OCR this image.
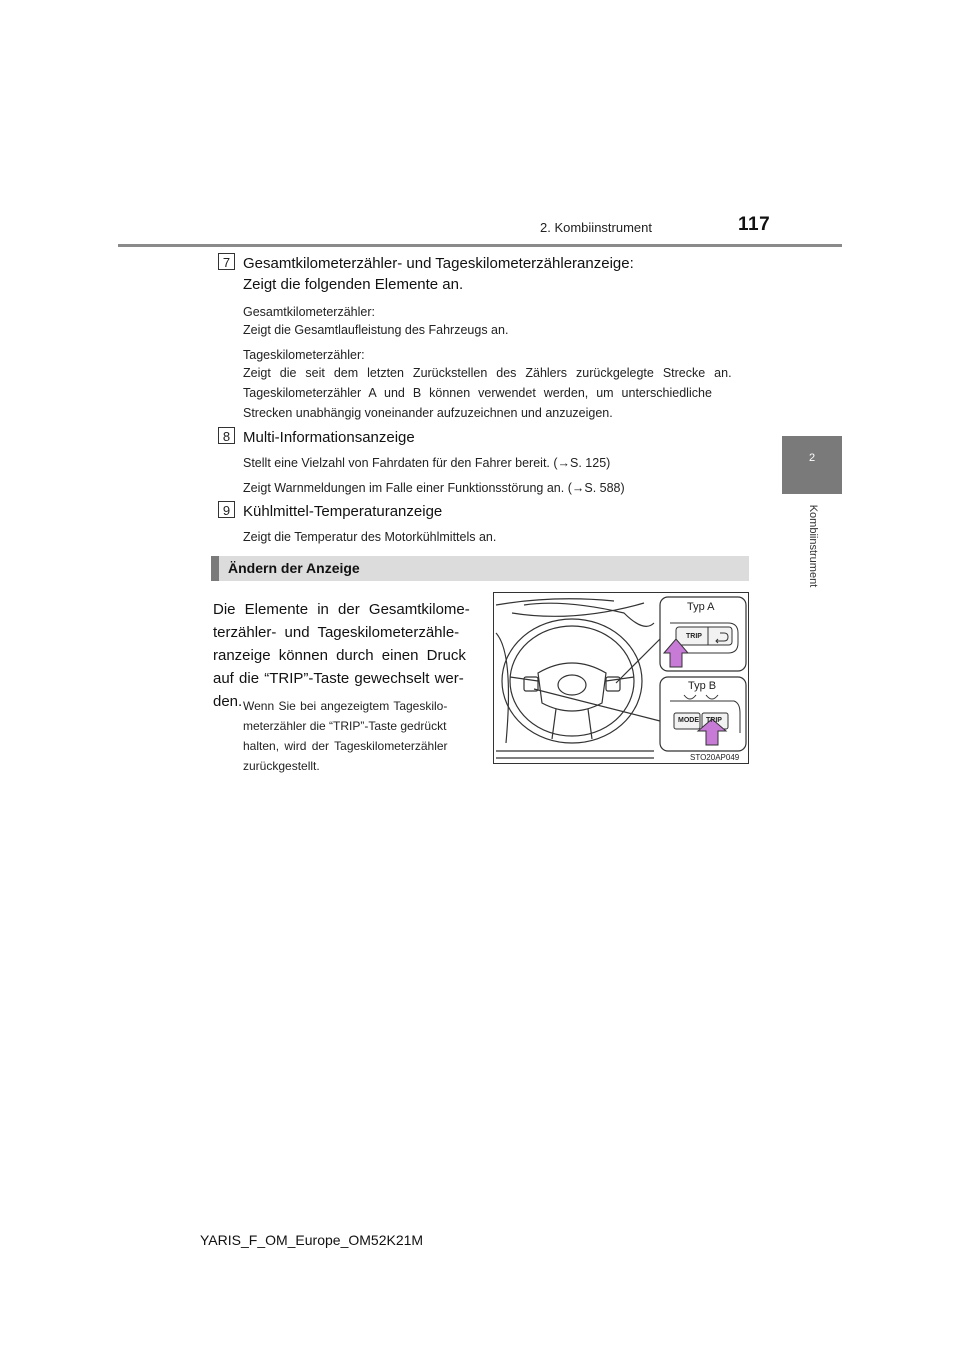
2. Kombiinstrument	117
2
Kombiinstrument
7 Gesamtkilometerzähler- und Tageskilometerzähleranzeige:
Zeigt die folgenden Elemente an.
Gesamtkilometerzähler:
Zeigt die Gesamtlaufleistung des Fahrzeugs an.
Tageskilometerzähler:
Zeigt die seit dem letzten Zurückstellen des Zählers zurückgelegte Strecke an.
Tageskilometerzähler A und B können verwendet werden, um unterschiedliche
Strecken unabhängig voneinander aufzuzeichnen und anzuzeigen.
8 Multi-Informationsanzeige
Stellt eine Vielzahl von Fahrdaten für den Fahrer bereit. (→S. 125)
Zeigt Warnmeldungen im Falle einer Funktionsstörung an. (→S. 588)
9 Kühlmittel-Temperaturanzeige
Zeigt die Temperatur des Motorkühlmittels an.
Ändern der Anzeige
Die Elemente in der Gesamtkilome-
terzähler- und Tageskilometerzähle-
ranzeige können durch einen Druck
auf die “TRIP”-Taste gewechselt wer-
den. Wenn Sie bei angezeigtem Tageskilo-
meterzähler die “TRIP”-Taste gedrückt
halten, wird der Tageskilometerzähler
zurückgestellt.
Typ A
Typ B
TRIP
MODE TRIP
STO20AP049
YARIS_F_OM_Europe_OM52K21M
